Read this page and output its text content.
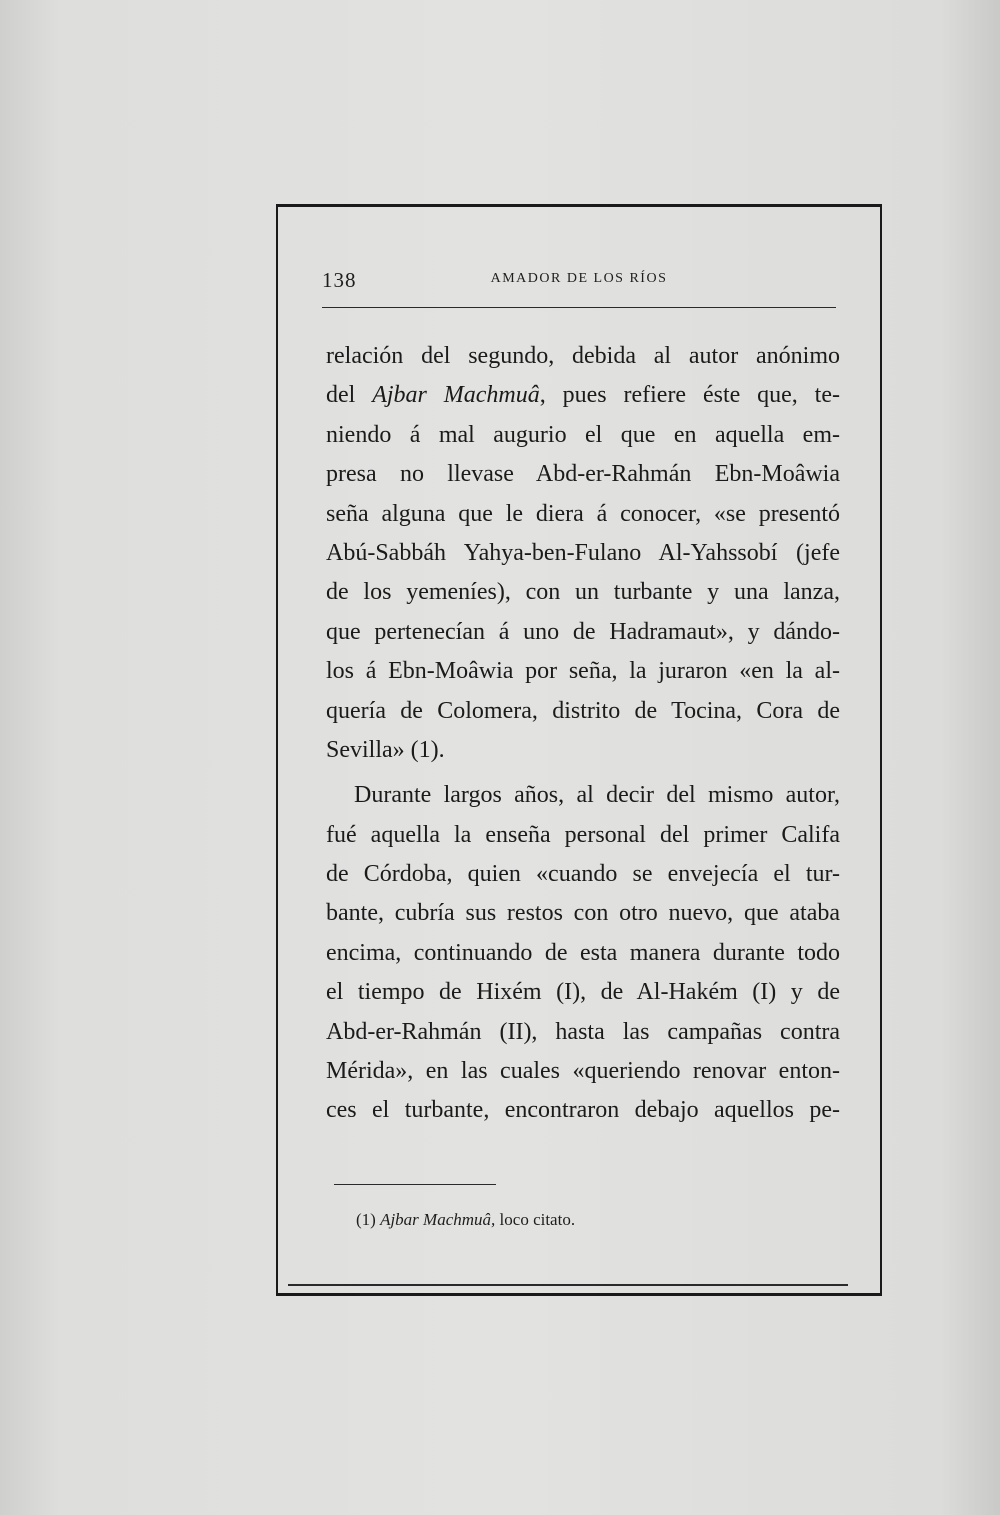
138	AMADOR DE LOS RÍOS
relación del segundo, debida al autor anónimo
del Ajbar Machmuâ, pues refiere éste que, te-
niendo á mal augurio el que en aquella em-
presa no llevase Abd-er-Rahmán Ebn-Moâwia
seña alguna que le diera á conocer, «se presentó
Abú-Sabbáh Yahya-ben-Fulano Al-Yahssobí (jefe
de los yemeníes), con un turbante y una lanza,
que pertenecían á uno de Hadramaut», y dándo-
los á Ebn-Moâwia por seña, la juraron «en la al-
quería de Colomera, distrito de Tocina, Cora de
Sevilla» (1).
Durante largos años, al decir del mismo autor,
fué aquella la enseña personal del primer Califa
de Córdoba, quien «cuando se envejecía el tur-
bante, cubría sus restos con otro nuevo, que ataba
encima, continuando de esta manera durante todo
el tiempo de Hixém (I), de Al-Hakém (I) y de
Abd-er-Rahmán (II), hasta las campañas contra
Mérida», en las cuales «queriendo renovar enton-
ces el turbante, encontraron debajo aquellos pe-
(1) Ajbar Machmuâ, loco citato.
